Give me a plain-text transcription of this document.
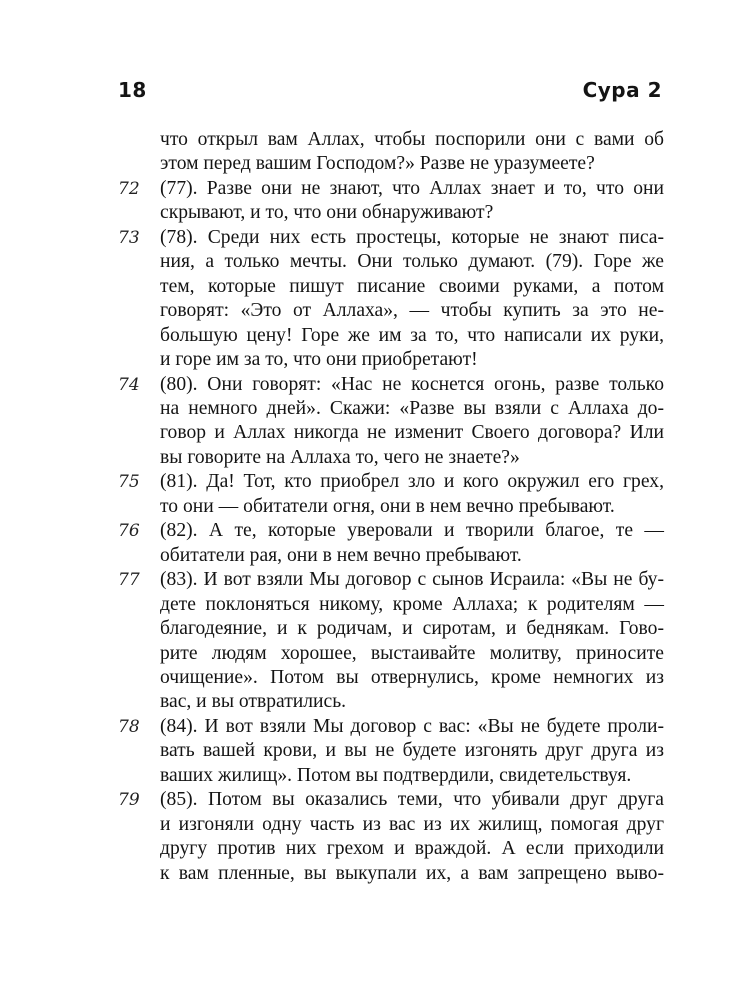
18	Сура 2
что открыл вам Аллах, чтобы поспорили они с вами об
этом перед вашим Господом?» Разве не уразумеете?
72	(77). Разве они не знают, что Аллах знает и то, что они
скрывают, и то, что они обнаруживают?
73	(78). Среди них есть простецы, которые не знают писа-
ния, а только мечты. Они только думают. (79). Горе же
тем, которые пишут писание своими руками, а потом
говорят: «Это от Аллаха», — чтобы купить за это не-
большую цену! Горе же им за то, что написали их руки,
и горе им за то, что они приобретают!
74	(80). Они говорят: «Нас не коснется огонь, разве только
на немного дней». Скажи: «Разве вы взяли с Аллаха до-
говор и Аллах никогда не изменит Своего договора? Или
вы говорите на Аллаха то, чего не знаете?»
75	(81). Да! Тот, кто приобрел зло и кого окружил его грех,
то они — обитатели огня, они в нем вечно пребывают.
76	(82). А те, которые уверовали и творили благое, те —
обитатели рая, они в нем вечно пребывают.
77	(83). И вот взяли Мы договор с сынов Исраила: «Вы не бу-
дете поклоняться никому, кроме Аллаха; к родителям —
благодеяние, и к родичам, и сиротам, и беднякам. Гово-
рите людям хорошее, выстаивайте молитву, приносите
очищение». Потом вы отвернулись, кроме немногих из
вас, и вы отвратились.
78	(84). И вот взяли Мы договор с вас: «Вы не будете проли-
вать вашей крови, и вы не будете изгонять друг друга из
ваших жилищ». Потом вы подтвердили, свидетельствуя.
79	(85). Потом вы оказались теми, что убивали друг друга
и изгоняли одну часть из вас из их жилищ, помогая друг
другу против них грехом и враждой. А если приходили
к вам пленные, вы выкупали их, а вам запрещено выво-
